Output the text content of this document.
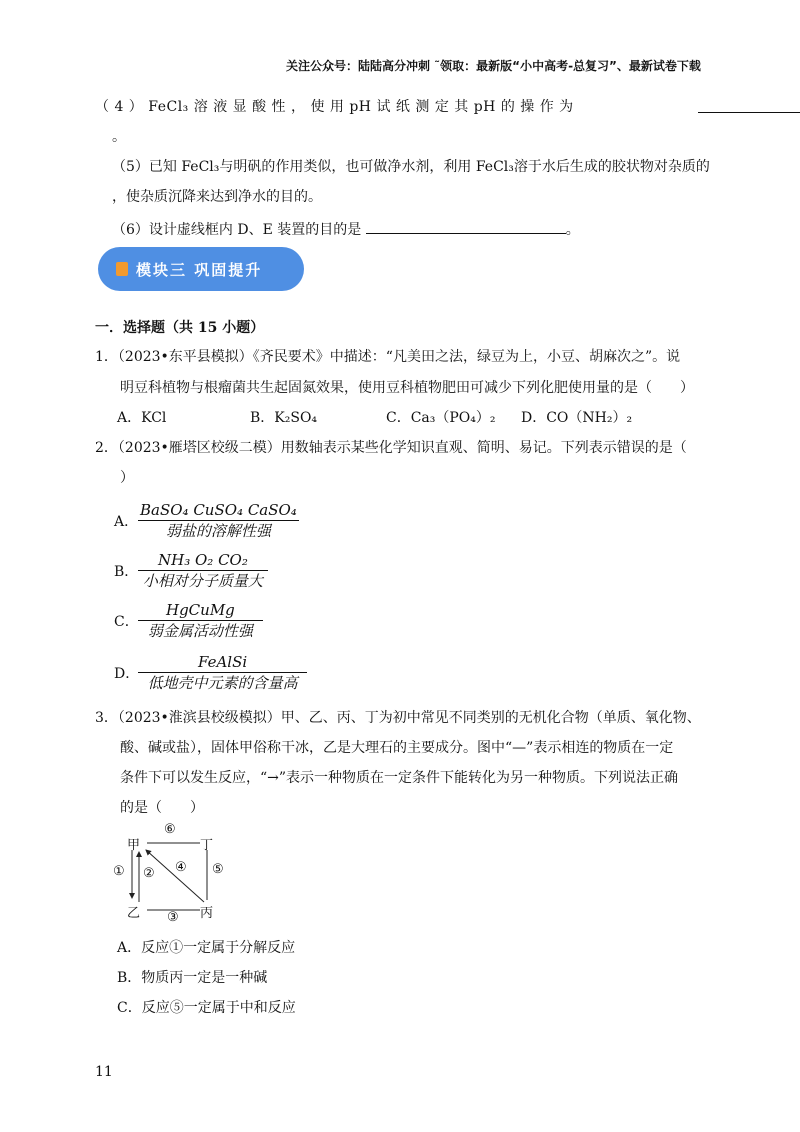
关注公众号：陆陆高分冲刺 ˜领取：最新版“小中高考-总复习”、最新试卷下载
（ 4 ） FeCl₃ 溶 液 显 酸 性 ， 使 用 pH 试 纸 测 定 其 pH 的 操 作 为
。
（5）已知 FeCl₃与明矾的作用类似，也可做净水剂，利用 FeCl₃溶于水后生成的胶状物对杂质的
，使杂质沉降来达到净水的目的。
（6）设计虚线框内 D、E 装置的目的是	。
模块三 巩固提升
一．选择题（共 15 小题）
1．（2023•东平县模拟）《齐民要术》中描述：“凡美田之法，绿豆为上，小豆、胡麻次之”。说
明豆科植物与根瘤菌共生起固氮效果，使用豆科植物肥田可减少下列化肥使用量的是（　　）
A．KCl	B．K₂SO₄	C．Ca₃（PO₄）₂ D．CO（NH₂）₂
2．（2023•雁塔区校级二模）用数轴表示某些化学知识直观、简明、易记。下列表示错误的是（
）
A． $\frac{\text{BaSO₄ CuSO₄ CaSO₄}}{\text{弱盐的溶解性强}}$
B． $\frac{\text{NH₃ O₂ CO₂}}{\text{小相对分子质量大}}$
C． $\frac{\text{HgCuMg}}{\text{弱金属活动性强}}$
D．
$\frac{\text{FeAlSi}}{\text{低地壳中元素的含量高}}$
3．（2023•淮滨县校级模拟）甲、乙、丙、丁为初中常见不同类别的无机化合物（单质、氧化物、
酸、碱或盐），固体甲俗称干冰，乙是大理石的主要成分。图中“—”表示相连的物质在一定
条件下可以发生反应，“→”表示一种物质在一定条件下能转化为另一种物质。下列说法正确
的是（　　）
甲	丁
乙	丙
⑥
① ② ④ ⑤
③
A．反应①一定属于分解反应
B．物质丙一定是一种碱
C．反应⑤一定属于中和反应
11
